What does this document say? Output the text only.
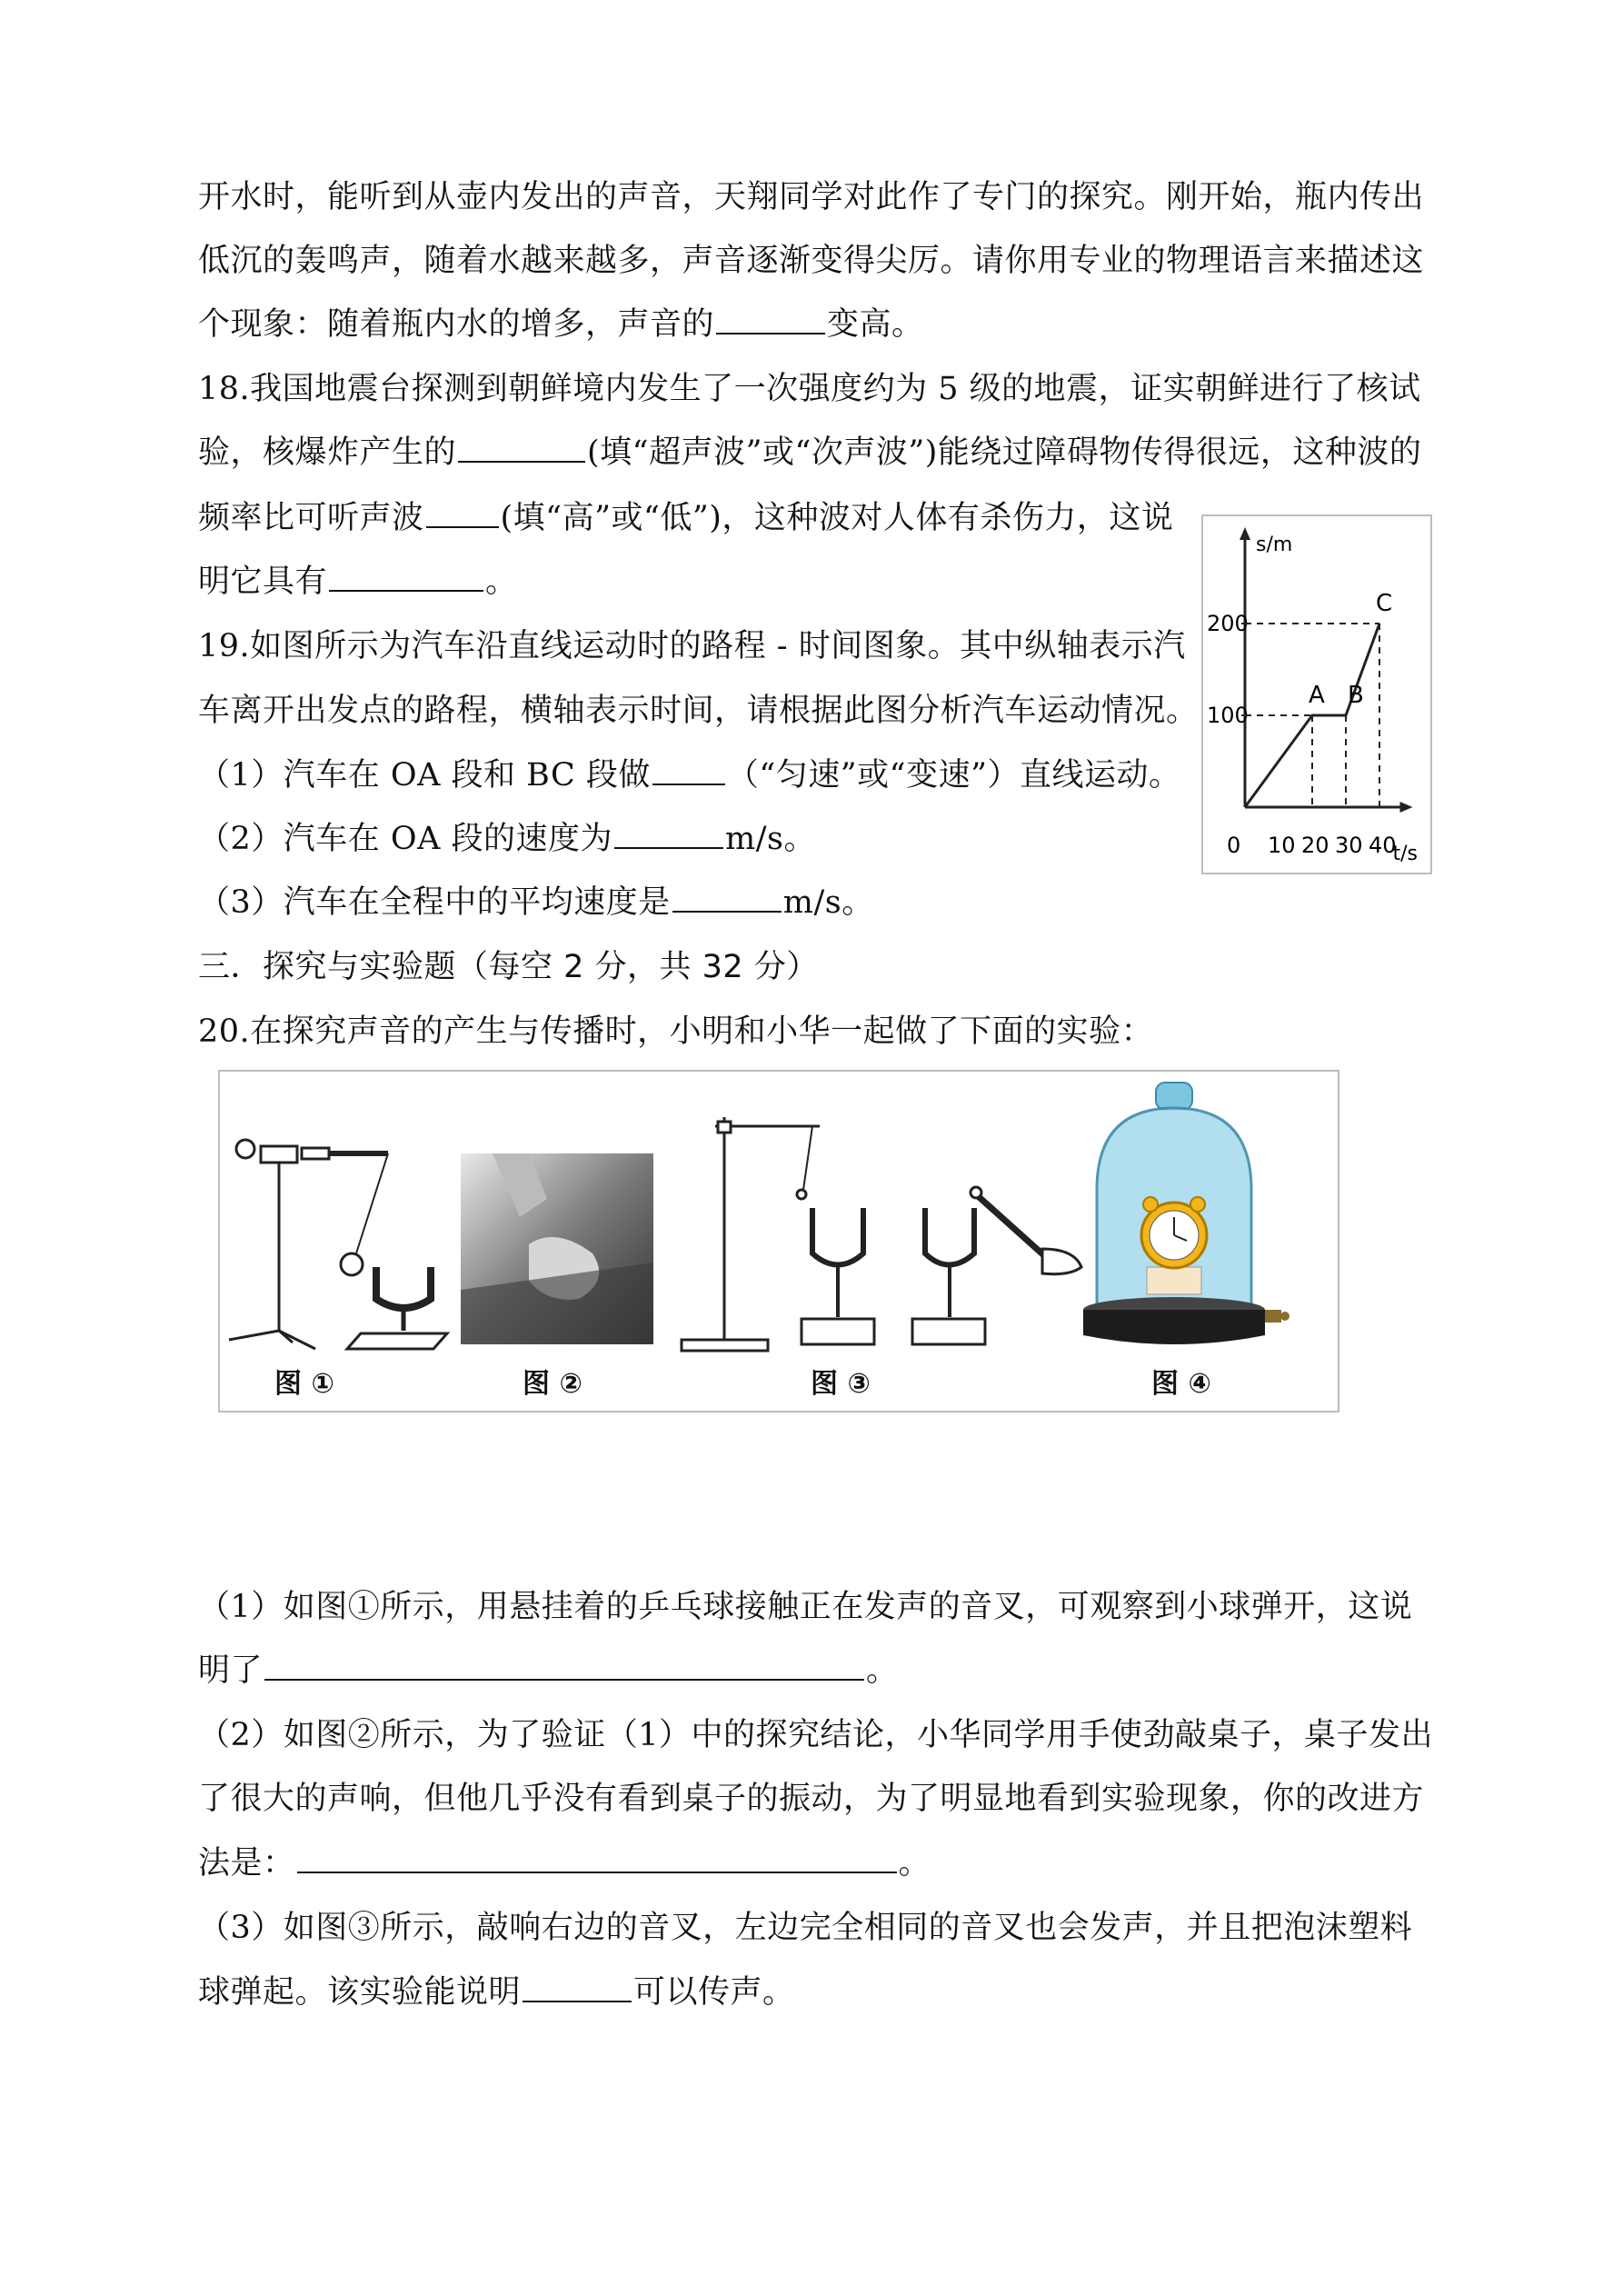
开水时，能听到从壶内发出的声音，天翔同学对此作了专门的探究。刚开始，瓶内传出
低沉的轰鸣声，随着水越来越多，声音逐渐变得尖厉。请你用专业的物理语言来描述这
个现象：随着瓶内水的增多，声音的	变高。
18.我国地震台探测到朝鲜境内发生了一次强度约为 5 级的地震，证实朝鲜进行了核试
验，核爆炸产生的	(填“超声波”或“次声波”)能绕过障碍物传得很远，这种波的
频率比可听声波 (填“高”或“低”)，这种波对人体有杀伤力，这说
明它具有	。
19.如图所示为汽车沿直线运动时的路程 - 时间图象。其中纵轴表示汽
车离开出发点的路程，横轴表示时间，请根据此图分析汽车运动情况。
（1）汽车在 OA 段和 BC 段做 （“匀速”或“变速”）直线运动。
（2）汽车在 OA 段的速度为	m/s。
（3）汽车在全程中的平均速度是	m/s。
s/m
t/s
0 10 20 30 40
100
200
A B
C
三．探究与实验题（每空 2 分，共 32 分）
20.在探究声音的产生与传播时，小明和小华一起做了下面的实验：
图 ①	图 ②	图 ③	图 ④
（1）如图①所示，用悬挂着的乒乓球接触正在发声的音叉，可观察到小球弹开，这说
明了	。
（2）如图②所示，为了验证（1）中的探究结论，小华同学用手使劲敲桌子，桌子发出
了很大的声响，但他几乎没有看到桌子的振动，为了明显地看到实验现象，你的改进方
法是：	。
（3）如图③所示，敲响右边的音叉，左边完全相同的音叉也会发声，并且把泡沫塑料
球弹起。该实验能说明	可以传声。
